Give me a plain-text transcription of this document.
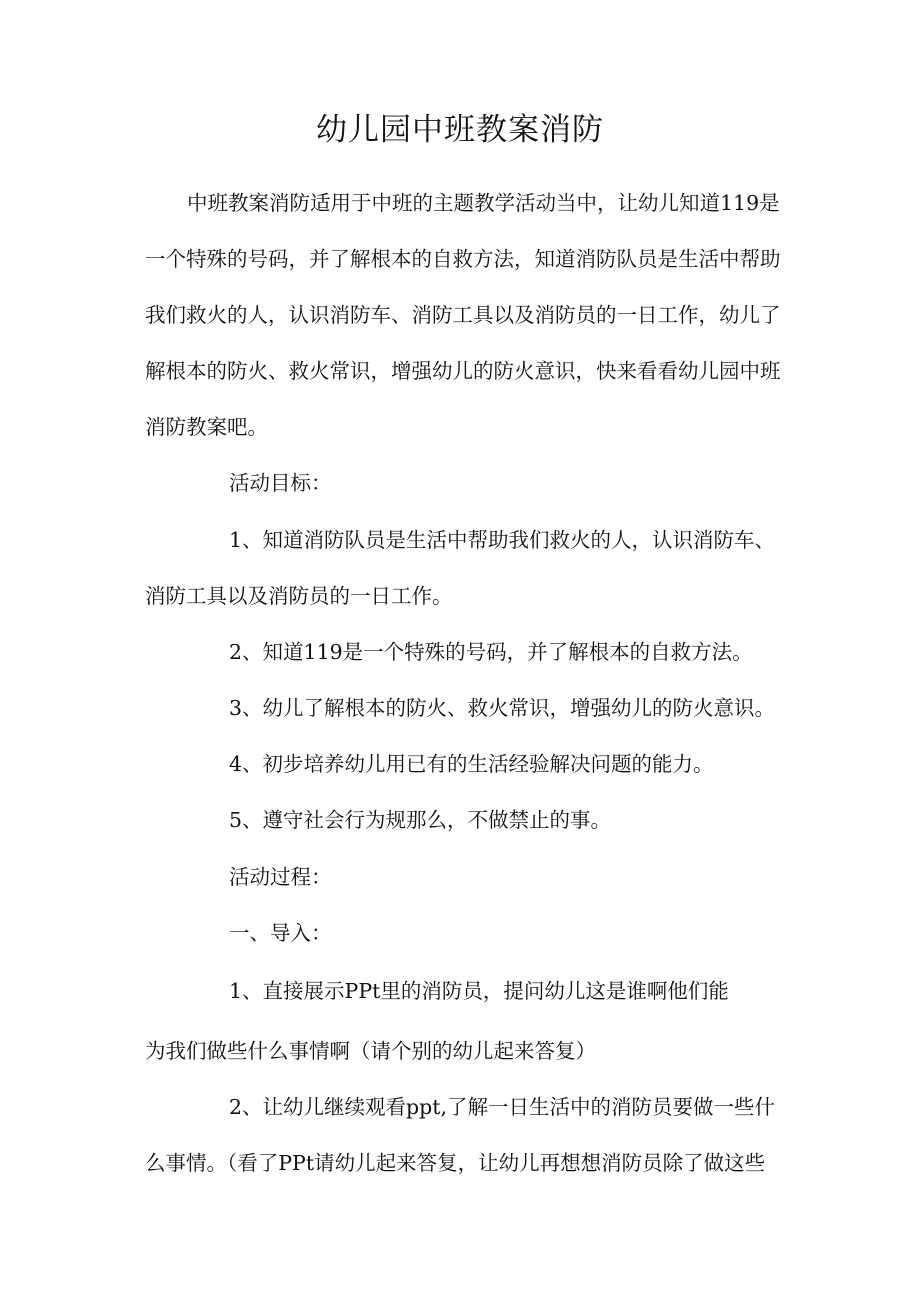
幼儿园中班教案消防

中班教案消防适用于中班的主题教学活动当中，让幼儿知道119是

一个特殊的号码，并了解根本的自救方法，知道消防队员是生活中帮助

我们救火的人，认识消防车、消防工具以及消防员的一日工作，幼儿了

解根本的防火、救火常识，增强幼儿的防火意识，快来看看幼儿园中班

消防教案吧。

活动目标：

1、知道消防队员是生活中帮助我们救火的人，认识消防车、

消防工具以及消防员的一日工作。

2、知道119是一个特殊的号码，并了解根本的自救方法。

3、幼儿了解根本的防火、救火常识，增强幼儿的防火意识。

4、初步培养幼儿用已有的生活经验解决问题的能力。

5、遵守社会行为规那么，不做禁止的事。

活动过程：

一、导入：

1、直接展示PPt里的消防员，提问幼儿这是谁啊他们能

为我们做些什么事情啊（请个别的幼儿起来答复）

2、让幼儿继续观看ppt,了解一日生活中的消防员要做一些什

么事情。（看了PPt请幼儿起来答复，让幼儿再想想消防员除了做这些
